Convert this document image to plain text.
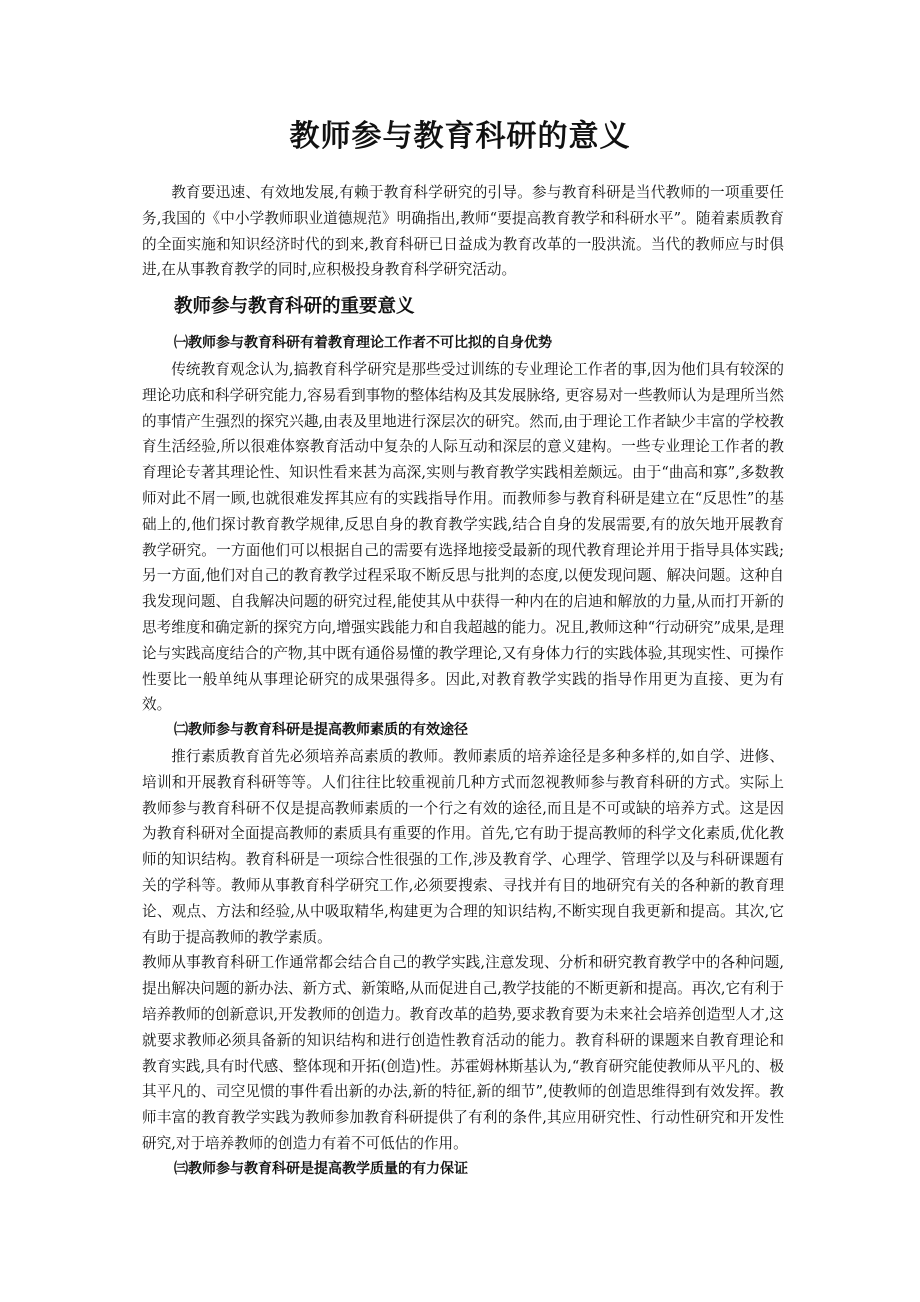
教师参与教育科研的意义

教育要迅速、有效地发展,有赖于教育科学研究的引导。参与教育科研是当代教师的一项重要任务,我国的《中小学教师职业道德规范》明确指出,教师“要提高教育教学和科研水平”。随着素质教育的全面实施和知识经济时代的到来,教育科研已日益成为教育改革的一股洪流。当代的教师应与时俱进,在从事教育教学的同时,应积极投身教育科学研究活动。

教师参与教育科研的重要意义
㈠教师参与教育科研有着教育理论工作者不可比拟的自身优势

传统教育观念认为,搞教育科学研究是那些受过训练的专业理论工作者的事,因为他们具有较深的理论功底和科学研究能力,容易看到事物的整体结构及其发展脉络, 更容易对一些教师认为是理所当然的事情产生强烈的探究兴趣,由表及里地进行深层次的研究。然而,由于理论工作者缺少丰富的学校教育生活经验,所以很难体察教育活动中复杂的人际互动和深层的意义建构。一些专业理论工作者的教育理论专著其理论性、知识性看来甚为高深,实则与教育教学实践相差颇远。由于“曲高和寡”,多数教师对此不屑一顾,也就很难发挥其应有的实践指导作用。而教师参与教育科研是建立在“反思性”的基础上的,他们探讨教育教学规律,反思自身的教育教学实践,结合自身的发展需要,有的放矢地开展教育教学研究。一方面他们可以根据自己的需要有选择地接受最新的现代教育理论并用于指导具体实践;另一方面,他们对自己的教育教学过程采取不断反思与批判的态度,以便发现问题、解决问题。这种自我发现问题、自我解决问题的研究过程,能使其从中获得一种内在的启迪和解放的力量,从而打开新的思考维度和确定新的探究方向,增强实践能力和自我超越的能力。况且,教师这种“行动研究”成果,是理论与实践高度结合的产物,其中既有通俗易懂的教学理论,又有身体力行的实践体验,其现实性、可操作性要比一般单纯从事理论研究的成果强得多。因此,对教育教学实践的指导作用更为直接、更为有效。

㈡教师参与教育科研是提高教师素质的有效途径

推行素质教育首先必须培养高素质的教师。教师素质的培养途径是多种多样的,如自学、进修、培训和开展教育科研等等。人们往往比较重视前几种方式而忽视教师参与教育科研的方式。实际上教师参与教育科研不仅是提高教师素质的一个行之有效的途径,而且是不可或缺的培养方式。这是因为教育科研对全面提高教师的素质具有重要的作用。首先,它有助于提高教师的科学文化素质,优化教师的知识结构。教育科研是一项综合性很强的工作,涉及教育学、心理学、管理学以及与科研课题有关的学科等。教师从事教育科学研究工作,必须要搜索、寻找并有目的地研究有关的各种新的教育理论、观点、方法和经验,从中吸取精华,构建更为合理的知识结构,不断实现自我更新和提高。其次,它有助于提高教师的教学素质。

教师从事教育科研工作通常都会结合自己的教学实践,注意发现、分析和研究教育教学中的各种问题,提出解决问题的新办法、新方式、新策略,从而促进自己,教学技能的不断更新和提高。再次,它有利于培养教师的创新意识,开发教师的创造力。教育改革的趋势,要求教育要为未来社会培养创造型人才,这就要求教师必须具备新的知识结构和进行创造性教育活动的能力。教育科研的课题来自教育理论和教育实践,具有时代感、整体现和开拓(创造)性。苏霍姆林斯基认为,“教育研究能使教师从平凡的、极其平凡的、司空见惯的事件看出新的办法,新的特征,新的细节”,使教师的创造思维得到有效发挥。教师丰富的教育教学实践为教师参加教育科研提供了有利的条件,其应用研究性、行动性研究和开发性研究,对于培养教师的创造力有着不可低估的作用。

㈢教师参与教育科研是提高教学质量的有力保证
